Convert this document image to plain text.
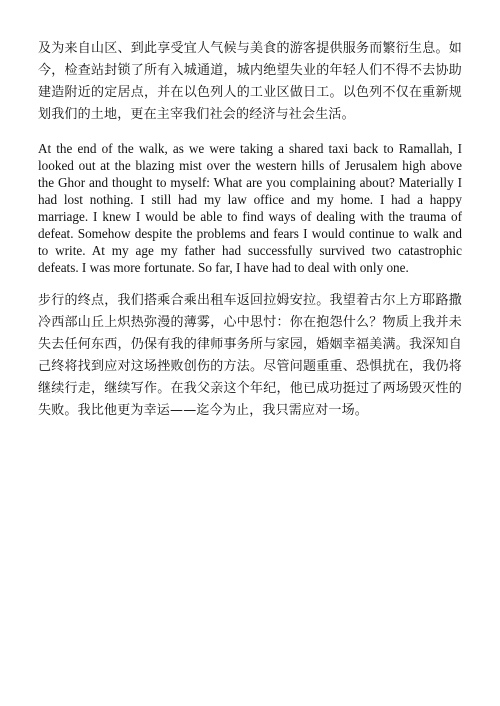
及为来自山区、到此享受宜人气候与美食的游客提供服务而繁衍生息。如今，检查站封锁了所有入城通道，城内绝望失业的年轻人们不得不去协助建造附近的定居点，并在以色列人的工业区做日工。以色列不仅在重新规划我们的土地，更在主宰我们社会的经济与社会生活。

At the end of the walk, as we were taking a shared taxi back to Ramallah, I looked out at the blazing mist over the western hills of Jerusalem high above the Ghor and thought to myself: What are you complaining about? Materially I had lost nothing. I still had my law office and my home. I had a happy marriage. I knew I would be able to find ways of dealing with the trauma of defeat. Somehow despite the problems and fears I would continue to walk and to write. At my age my father had successfully survived two catastrophic defeats. I was more fortunate. So far, I have had to deal with only one.

步行的终点，我们搭乘合乘出租车返回拉姆安拉。我望着古尔上方耶路撒冷西部山丘上炽热弥漫的薄雾，心中思忖：你在抱怨什么？物质上我并未失去任何东西，仍保有我的律师事务所与家园，婚姻幸福美满。我深知自己终将找到应对这场挫败创伤的方法。尽管问题重重、恐惧扰在，我仍将继续行走，继续写作。在我父亲这个年纪，他已成功挺过了两场毁灭性的失败。我比他更为幸运——迄今为止，我只需应对一场。
